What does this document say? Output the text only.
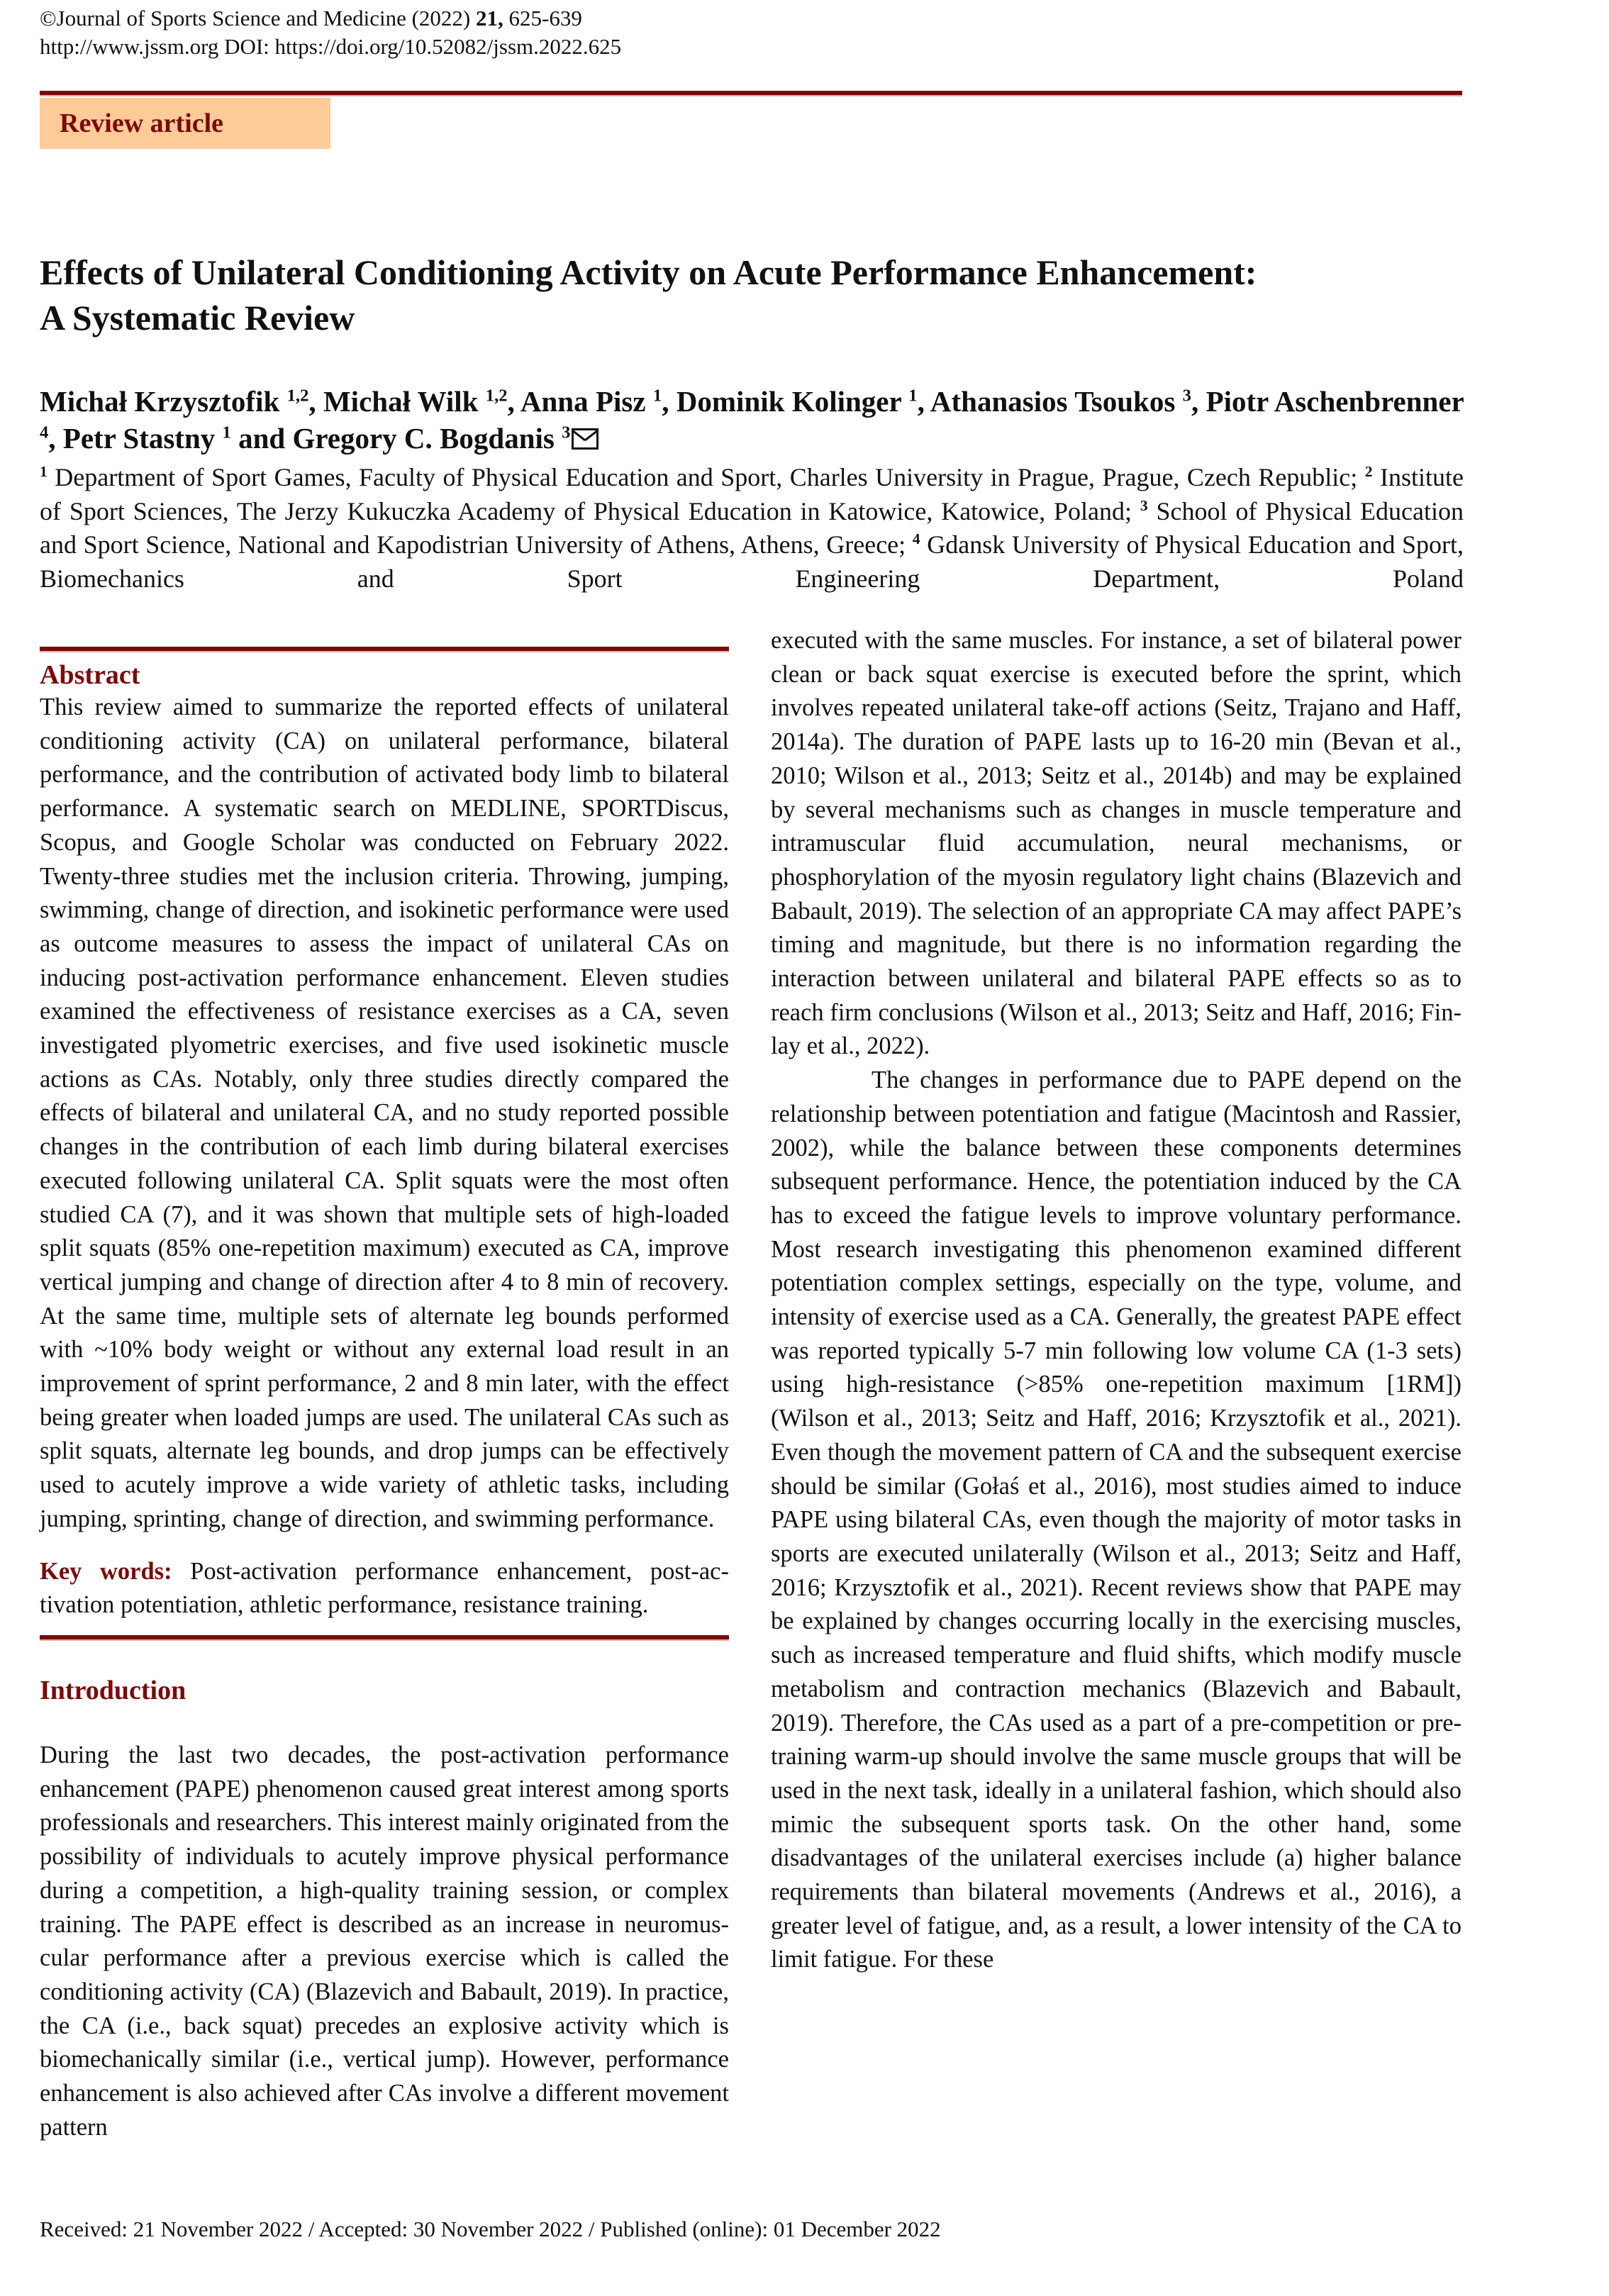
©Journal of Sports Science and Medicine (2022) 21, 625-639
http://www.jssm.org DOI: https://doi.org/10.52082/jssm.2022.625
Review article
Effects of Unilateral Conditioning Activity on Acute Performance Enhancement:
A Systematic Review
Michał Krzysztofik $^{1,2}$, Michał Wilk $^{1,2}$, Anna Pisz $^1$, Dominik Kolinger $^1$, Athanasios Tsoukos $^3$, Piotr Aschenbrenner $^4$, Petr Stastny $^1$ and Gregory C. Bogdanis $^3$
$^1$ Department of Sport Games, Faculty of Physical Education and Sport, Charles University in Prague, Prague, Czech Republic; $^2$ Institute of Sport Sciences, The Jerzy Kukuczka Academy of Physical Education in Katowice, Katowice, Poland; $^3$ School of Physical Education and Sport Science, National and Kapodistrian University of Athens, Athens, Greece; $^4$ Gdansk University of Physical Education and Sport, Biomechanics and Sport Engineering Department, Poland
Abstract

This review aimed to summarize the reported effects of unilateral conditioning activity (CA) on unilateral performance, bilateral performance, and the contribution of activated body limb to bilateral performance. A systematic search on MEDLINE, SPORTDiscus, Scopus, and Google Scholar was conducted on February 2022. Twenty-three studies met the inclusion criteria. Throwing, jumping, swimming, change of direction, and isokinetic performance were used as outcome measures to assess the impact of unilateral CAs on inducing post-activation performance enhancement. Eleven studies examined the effectiveness of resistance exercises as a CA, seven investigated plyometric exercises, and five used isokinetic muscle actions as CAs. Notably, only three studies directly compared the effects of bilateral and unilateral CA, and no study reported possible changes in the contribution of each limb during bilateral exercises executed following unilateral CA. Split squats were the most often studied CA (7), and it was shown that multiple sets of high-loaded split squats (85% one-repetition maximum) executed as CA, improve vertical jumping and change of direction after 4 to 8 min of recovery. At the same time, multiple sets of alternate leg bounds performed with ~10% body weight or without any external load result in an improvement of sprint performance, 2 and 8 min later, with the effect being greater when loaded jumps are used. The unilateral CAs such as split squats, alternate leg bounds, and drop jumps can be effectively used to acutely improve a wide variety of athletic tasks, including jumping, sprinting, change of direction, and swimming performance.

Key words: Post-activation performance enhancement, post-activation potentiation, athletic performance, resistance training.

Introduction

During the last two decades, the post-activation performance enhancement (PAPE) phenomenon caused great interest among sports professionals and researchers. This interest mainly originated from the possibility of individuals to acutely improve physical performance during a competition, a high-quality training session, or complex training. The PAPE effect is described as an increase in neuromuscular performance after a previous exercise which is called the conditioning activity (CA) (Blazevich and Babault, 2019). In practice, the CA (i.e., back squat) precedes an explosive activity which is biomechanically similar (i.e., vertical jump). However, performance enhancement is also achieved after CAs involve a different movement pattern

executed with the same muscles. For instance, a set of bilateral power clean or back squat exercise is executed before the sprint, which involves repeated unilateral take-off actions (Seitz, Trajano and Haff, 2014a). The duration of PAPE lasts up to 16-20 min (Bevan et al., 2010; Wilson et al., 2013; Seitz et al., 2014b) and may be explained by several mechanisms such as changes in muscle temperature and intramuscular fluid accumulation, neural mechanisms, or phosphorylation of the myosin regulatory light chains (Blazevich and Babault, 2019). The selection of an appropriate CA may affect PAPE’s timing and magnitude, but there is no information regarding the interaction between unilateral and bilateral PAPE effects so as to reach firm conclusions (Wilson et al., 2013; Seitz and Haff, 2016; Finlay et al., 2022).

The changes in performance due to PAPE depend on the relationship between potentiation and fatigue (Macintosh and Rassier, 2002), while the balance between these components determines subsequent performance. Hence, the potentiation induced by the CA has to exceed the fatigue levels to improve voluntary performance. Most research investigating this phenomenon examined different potentiation complex settings, especially on the type, volume, and intensity of exercise used as a CA. Generally, the greatest PAPE effect was reported typically 5-7 min following low volume CA (1-3 sets) using high-resistance (>85% one-repetition maximum [1RM]) (Wilson et al., 2013; Seitz and Haff, 2016; Krzysztofik et al., 2021). Even though the movement pattern of CA and the subsequent exercise should be similar (Gołaś et al., 2016), most studies aimed to induce PAPE using bilateral CAs, even though the majority of motor tasks in sports are executed unilaterally (Wilson et al., 2013; Seitz and Haff, 2016; Krzysztofik et al., 2021). Recent reviews show that PAPE may be explained by changes occurring locally in the exercising muscles, such as increased temperature and fluid shifts, which modify muscle metabolism and contraction mechanics (Blazevich and Babault, 2019). Therefore, the CAs used as a part of a pre-competition or pre-training warm-up should involve the same muscle groups that will be used in the next task, ideally in a unilateral fashion, which should also mimic the subsequent sports task. On the other hand, some disadvantages of the unilateral exercises include (a) higher balance requirements than bilateral movements (Andrews et al., 2016), a greater level of fatigue, and, as a result, a lower intensity of the CA to limit fatigue. For these

Received: 21 November 2022 / Accepted: 30 November 2022 / Published (online): 01 December 2022
